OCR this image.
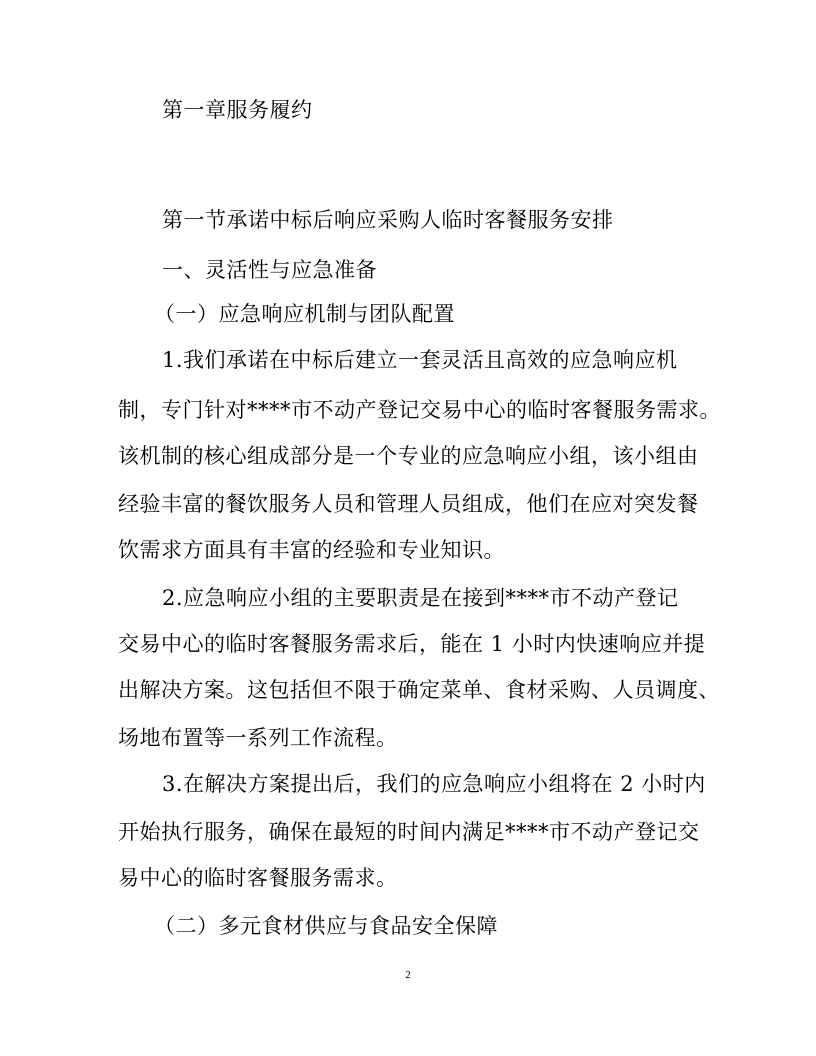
第一章服务履约
第一节承诺中标后响应采购人临时客餐服务安排
一、灵活性与应急准备
（一）应急响应机制与团队配置
1.我们承诺在中标后建立一套灵活且高效的应急响应机
制，专门针对****市不动产登记交易中心的临时客餐服务需求。
该机制的核心组成部分是一个专业的应急响应小组，该小组由
经验丰富的餐饮服务人员和管理人员组成，他们在应对突发餐
饮需求方面具有丰富的经验和专业知识。
2.应急响应小组的主要职责是在接到****市不动产登记
交易中心的临时客餐服务需求后，能在 1 小时内快速响应并提
出解决方案。这包括但不限于确定菜单、食材采购、人员调度、
场地布置等一系列工作流程。
3.在解决方案提出后，我们的应急响应小组将在 2 小时内
开始执行服务，确保在最短的时间内满足****市不动产登记交
易中心的临时客餐服务需求。
（二）多元食材供应与食品安全保障
2
